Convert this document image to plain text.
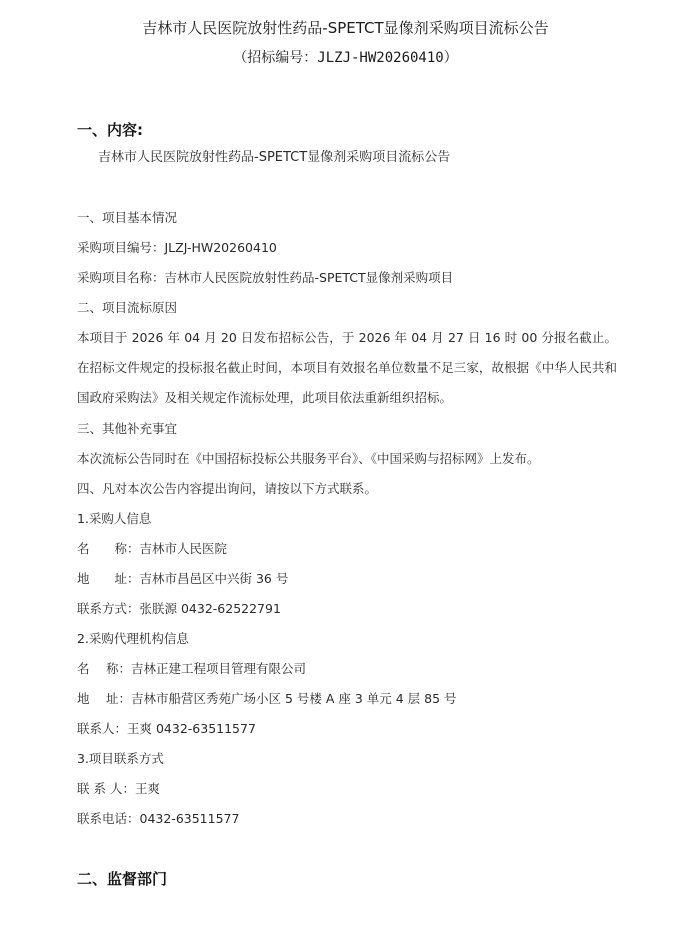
吉林市人民医院放射性药品-SPETCT显像剂采购项目流标公告
（招标编号：JLZJ-HW20260410）
一、内容:
吉林市人民医院放射性药品-SPETCT显像剂采购项目流标公告
一、项目基本情况
采购项目编号：JLZJ-HW20260410
采购项目名称：吉林市人民医院放射性药品-SPETCT显像剂采购项目
二、项目流标原因
本项目于 2026 年 04 月 20 日发布招标公告，于 2026 年 04 月 27 日 16 时 00 分报名截止。在招标文件规定的投标报名截止时间，本项目有效报名单位数量不足三家，故根据《中华人民共和国政府采购法》及相关规定作流标处理，此项目依法重新组织招标。
三、其他补充事宜
本次流标公告同时在《中国招标投标公共服务平台》、《中国采购与招标网》上发布。
四、凡对本次公告内容提出询问，请按以下方式联系。
1.采购人信息
名　　称：吉林市人民医院
地　　址：吉林市昌邑区中兴街 36 号
联系方式：张朕源 0432-62522791
2.采购代理机构信息
名　 称：吉林正建工程项目管理有限公司
地　 址：吉林市船营区秀苑广场小区 5 号楼 A 座 3 单元 4 层 85 号
联系人：王爽 0432-63511577
3.项目联系方式
联 系 人：王爽
联系电话：0432-63511577
二、监督部门
